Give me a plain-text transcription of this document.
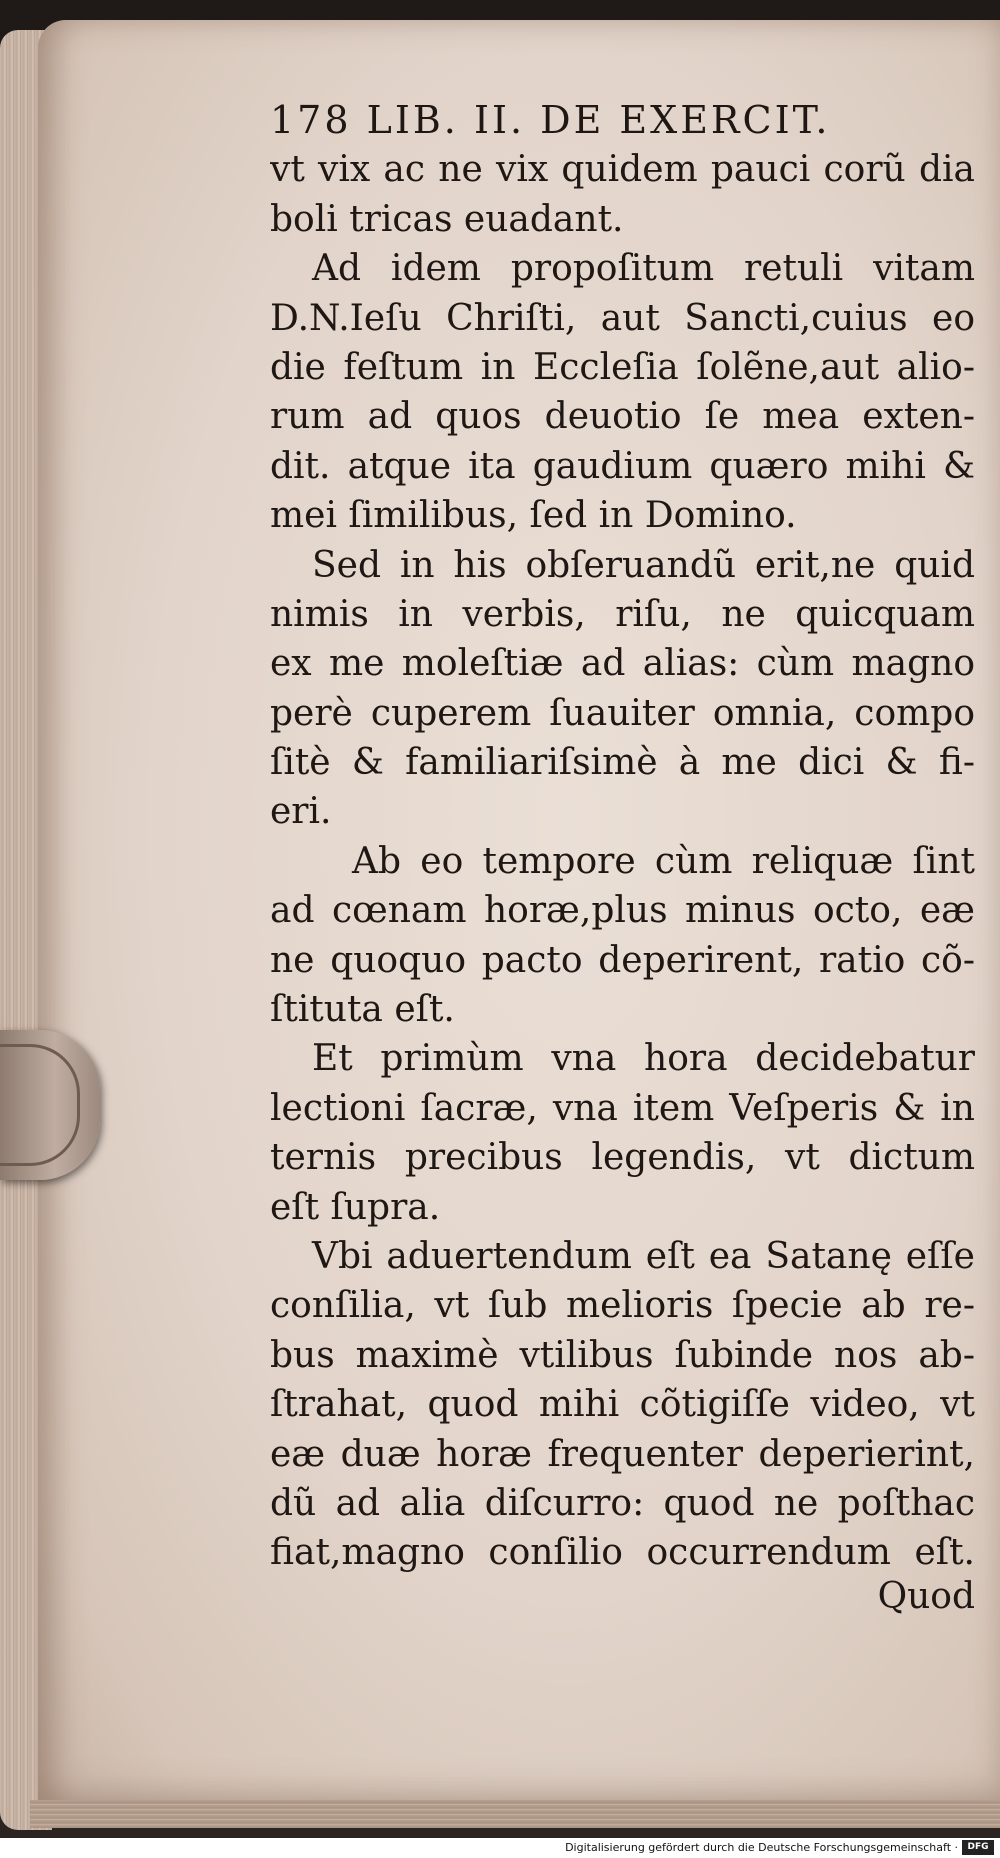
178 LIB. II. DE EXERCIT.
vt vix ac ne vix quidem pauci corũ dia
boli tricas euadant.
Ad idem propoſitum retuli vitam
D.N.Ieſu Chriſti, aut Sancti,cuius eo
die feſtum in Eccleſia ſolẽne,aut alio-
rum ad quos deuotio ſe mea exten-
dit. atque ita gaudium quæro mihi &
mei ſimilibus, ſed in Domino.
Sed in his obſeruandũ erit,ne quid
nimis in verbis, riſu, ne quicquam
ex me moleſtiæ ad alias: cùm magno
perè cuperem ſuauiter omnia, compo
ſitè & familiariſsimè à me dici & fi-
eri.
Ab eo tempore cùm reliquæ ſint
ad cœnam horæ,plus minus octo, eæ
ne quoquo pacto deperirent, ratio cõ-
ſtituta eſt.
Et primùm vna hora decidebatur
lectioni ſacræ, vna item Veſperis & in
ternis precibus legendis, vt dictum
eſt ſupra.
Vbi aduertendum eſt ea Satanę eſſe
conſilia, vt ſub melioris ſpecie ab re-
bus maximè vtilibus ſubinde nos ab-
ſtrahat, quod mihi cõtigiſſe video, vt
eæ duæ horæ frequenter deperierint,
dũ ad alia diſcurro: quod ne poſthac
fiat,magno conſilio occurrendum eſt.
Quod
Digitalisierung gefördert durch die Deutsche Forschungsgemeinschaft ·	DFG
